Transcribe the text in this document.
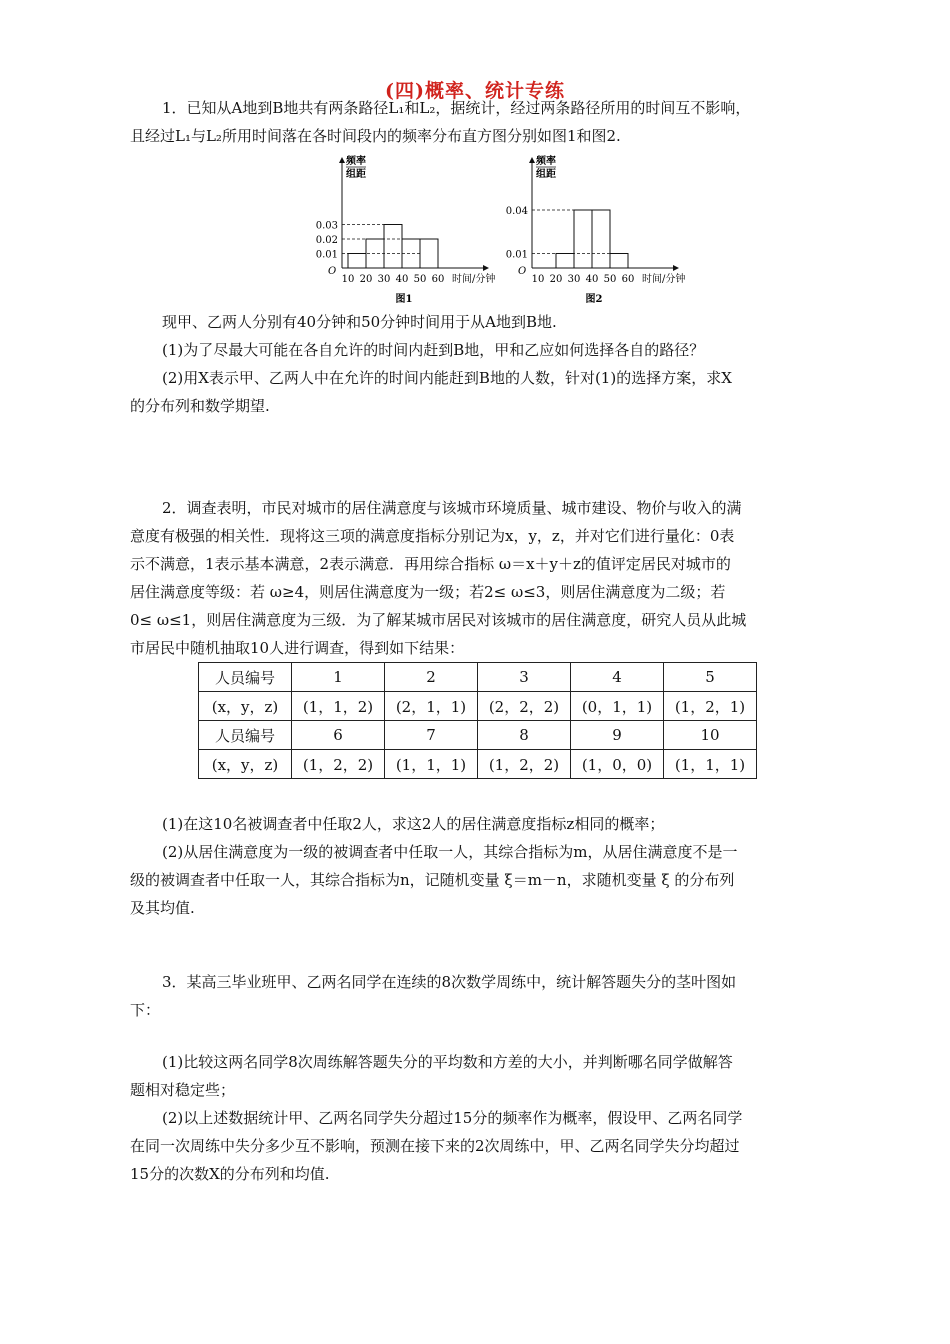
(四)概率、统计专练
1．已知从A地到B地共有两条路径L₁和L₂，据统计，经过两条路径所用的时间互不影响，
且经过L₁与L₂所用时间落在各时间段内的频率分布直方图分别如图1和图2.
频率
组距
O
0.01
0.02
0.03
10 20 30 40 50 60 时间/分钟
图1
频率
组距
O
0.01
0.04
10 20 30 40 50 60 时间/分钟
图2
现甲、乙两人分别有40分钟和50分钟时间用于从A地到B地.
(1)为了尽最大可能在各自允许的时间内赶到B地，甲和乙应如何选择各自的路径？
(2)用X表示甲、乙两人中在允许的时间内能赶到B地的人数，针对(1)的选择方案，求X
的分布列和数学期望.
2．调查表明，市民对城市的居住满意度与该城市环境质量、城市建设、物价与收入的满
意度有极强的相关性．现将这三项的满意度指标分别记为x，y，z，并对它们进行量化：0表
示不满意，1表示基本满意，2表示满意．再用综合指标 ω＝x＋y＋z的值评定居民对城市的
居住满意度等级：若 ω≥4，则居住满意度为一级；若2≤ ω≤3，则居住满意度为二级；若
0≤ ω≤1，则居住满意度为三级．为了解某城市居民对该城市的居住满意度，研究人员从此城
市居民中随机抽取10人进行调查，得到如下结果：
人员编号	1	2	3	4	5
(x，y，z)	(1，1，2)	(2，1，1)	(2，2，2)	(0，1，1)	(1，2，1)
人员编号	6	7	8	9	10
(x，y，z)	(1，2，2)	(1，1，1)	(1，2，2)	(1，0，0)	(1，1，1)
(1)在这10名被调查者中任取2人，求这2人的居住满意度指标z相同的概率；
(2)从居住满意度为一级的被调查者中任取一人，其综合指标为m，从居住满意度不是一
级的被调查者中任取一人，其综合指标为n，记随机变量 ξ＝m－n，求随机变量 ξ 的分布列
及其均值.
3．某高三毕业班甲、乙两名同学在连续的8次数学周练中，统计解答题失分的茎叶图如
下：
(1)比较这两名同学8次周练解答题失分的平均数和方差的大小，并判断哪名同学做解答
题相对稳定些；
(2)以上述数据统计甲、乙两名同学失分超过15分的频率作为概率，假设甲、乙两名同学
在同一次周练中失分多少互不影响，预测在接下来的2次周练中，甲、乙两名同学失分均超过
15分的次数X的分布列和均值.
